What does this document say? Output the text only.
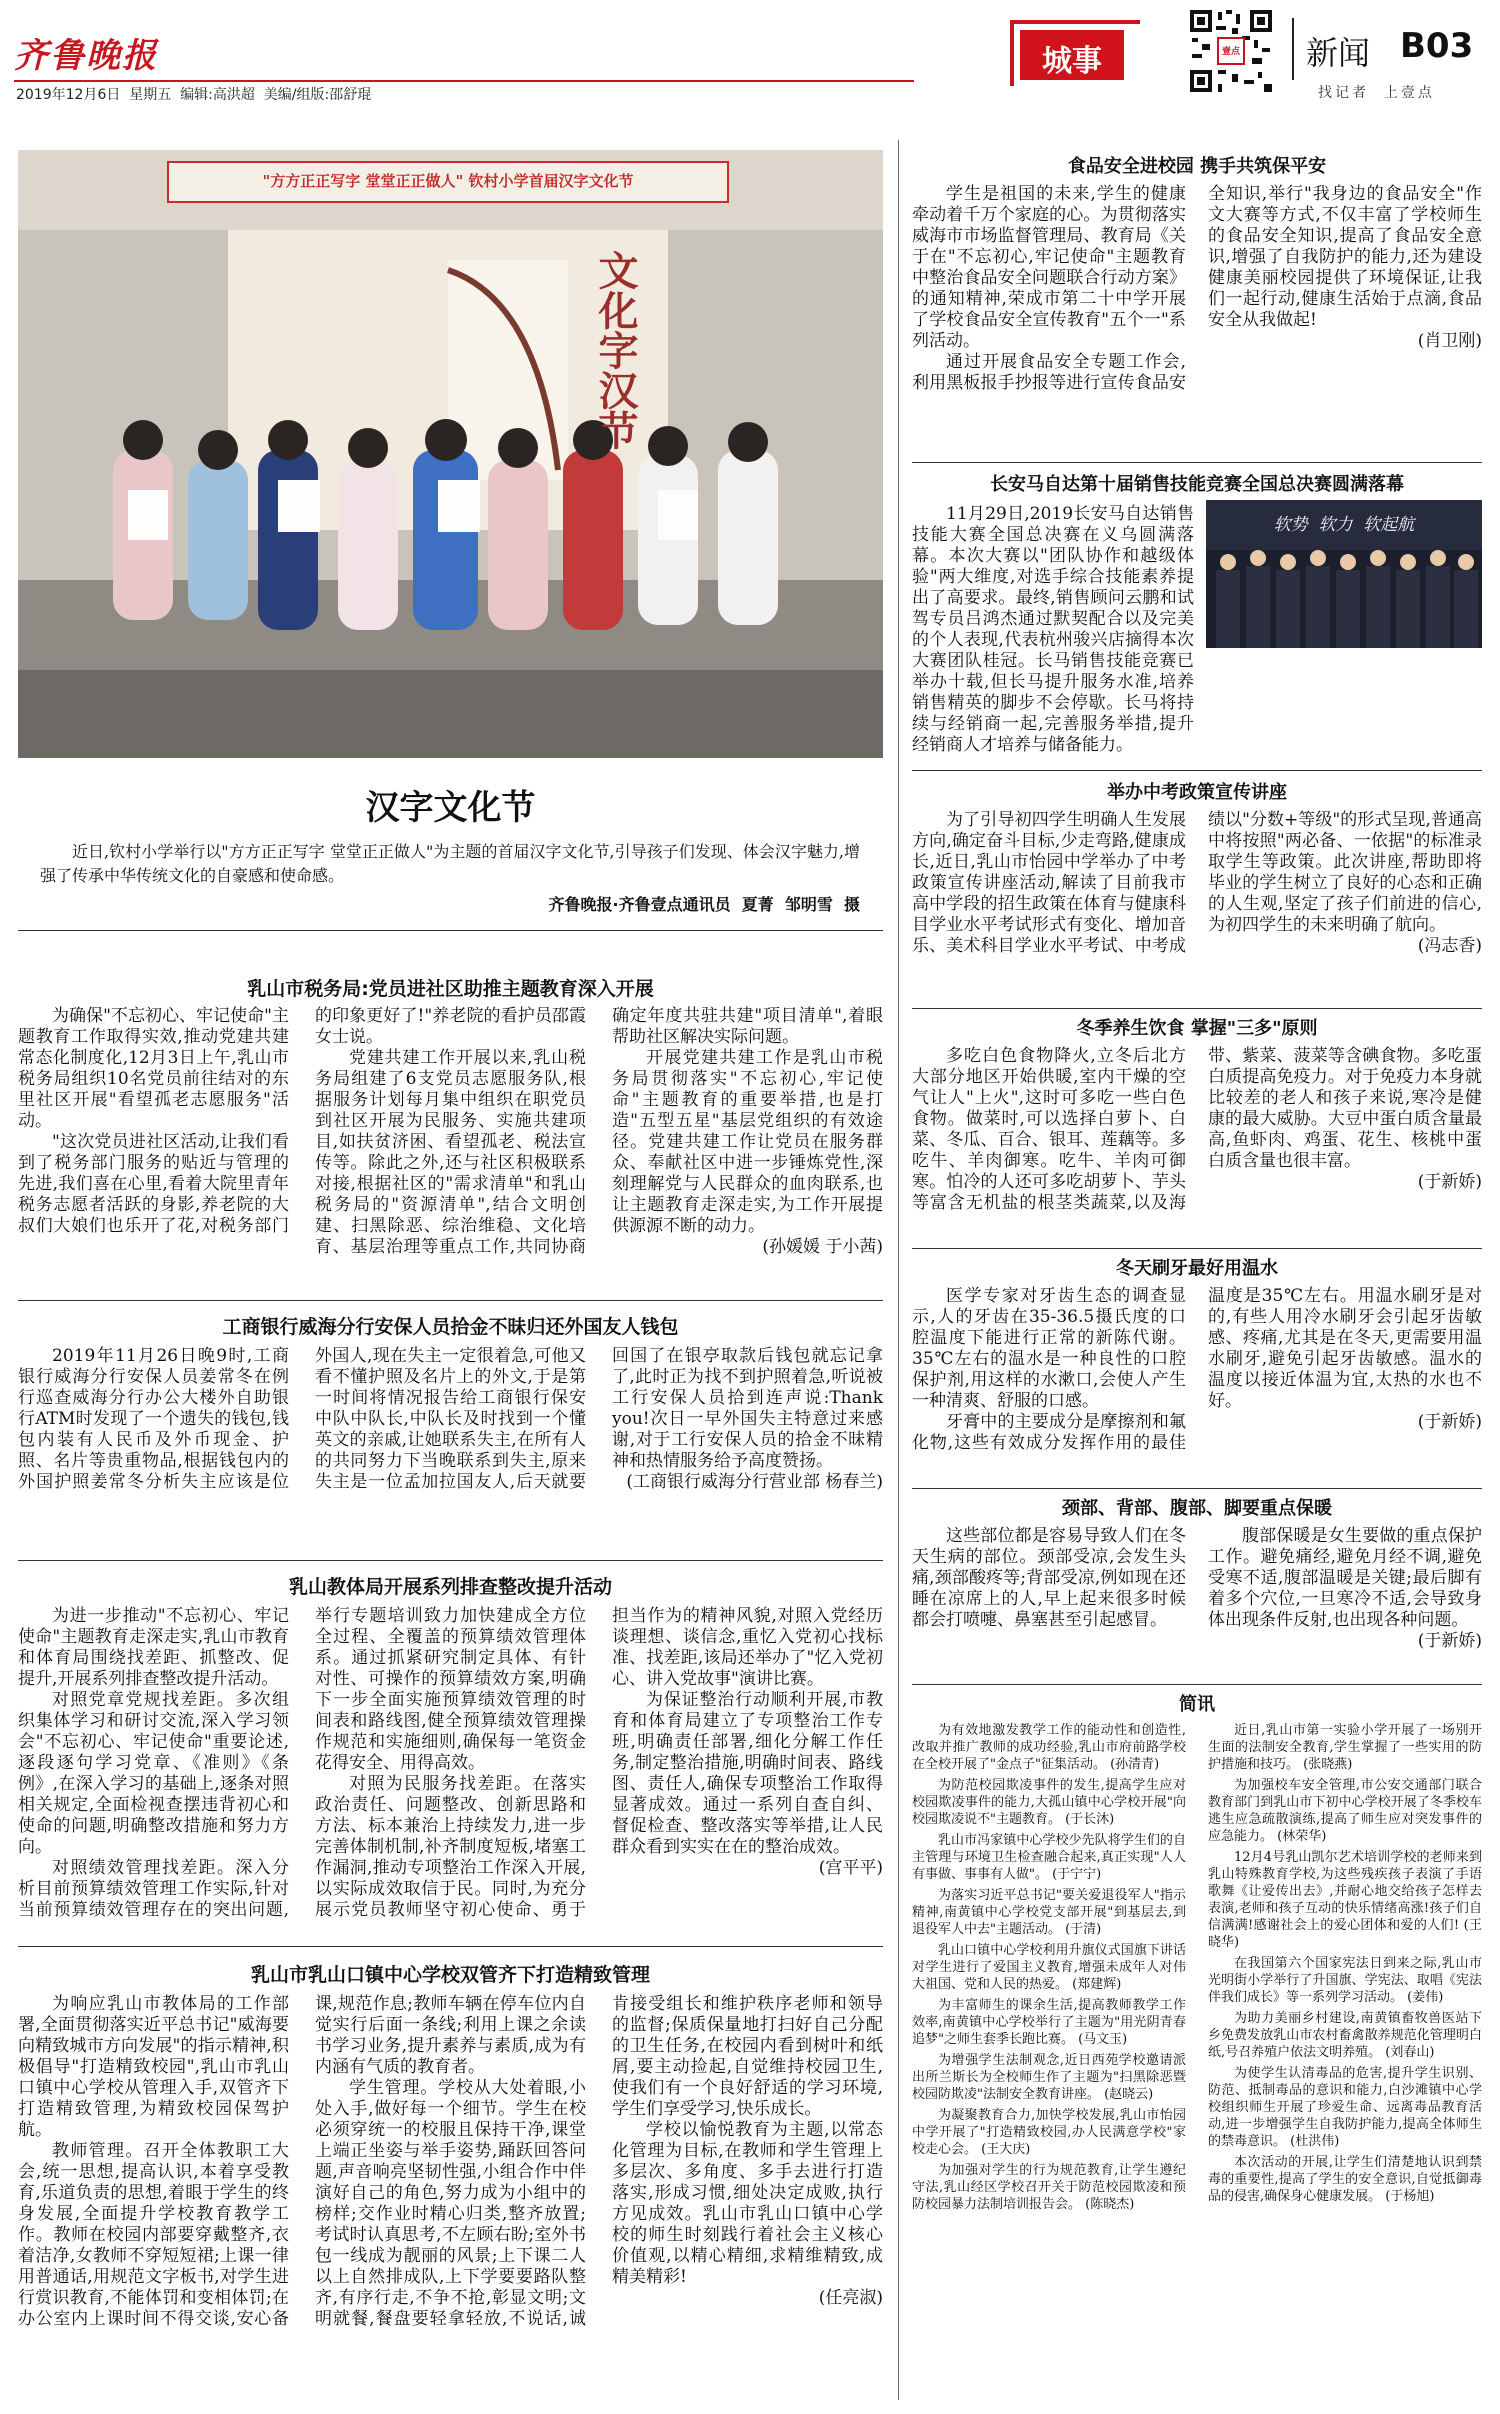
齐鲁晚报
2019年12月6日  星期五  编辑:高洪超  美编/组版:邵舒琨
城事	壹点 新闻 B03
找记者  上壹点
"方方正正写字 堂堂正正做人" 钦村小学首届汉字文化节
文化字汉节
汉字文化节

近日,钦村小学举行以"方方正正写字 堂堂正正做人"为主题的首届汉字文化节,引导孩子们发现、体会汉字魅力,增强了传承中华传统文化的自豪感和使命感。

齐鲁晚报·齐鲁壹点通讯员  夏菁  邹明雪  摄
乳山市税务局:党员进社区助推主题教育深入开展

为确保"不忘初心、牢记使命"主题教育工作取得实效,推动党建共建常态化制度化,12月3日上午,乳山市税务局组织10名党员前往结对的东里社区开展"看望孤老志愿服务"活动。

"这次党员进社区活动,让我们看到了税务部门服务的贴近与管理的先进,我们喜在心里,看着大院里青年税务志愿者活跃的身影,养老院的大叔们大娘们也乐开了花,对税务部门的印象更好了!"养老院的看护员邵霞女士说。

党建共建工作开展以来,乳山税务局组建了6支党员志愿服务队,根据服务计划每月集中组织在职党员到社区开展为民服务、实施共建项目,如扶贫济困、看望孤老、税法宣传等。除此之外,还与社区积极联系对接,根据社区的"需求清单"和乳山税务局的"资源清单",结合文明创建、扫黑除恶、综治维稳、文化培育、基层治理等重点工作,共同协商确定年度共驻共建"项目清单",着眼帮助社区解决实际问题。

开展党建共建工作是乳山市税务局贯彻落实"不忘初心,牢记使命"主题教育的重要举措,也是打造"五型五星"基层党组织的有效途径。党建共建工作让党员在服务群众、奉献社区中进一步锤炼党性,深刻理解党与人民群众的血肉联系,也让主题教育走深走实,为工作开展提供源源不断的动力。

(孙媛媛 于小茜)

工商银行威海分行安保人员拾金不昧归还外国友人钱包

2019年11月26日晚9时,工商银行威海分行安保人员姜常冬在例行巡查威海分行办公大楼外自助银行ATM时发现了一个遗失的钱包,钱包内装有人民币及外币现金、护照、名片等贵重物品,根据钱包内的外国护照姜常冬分析失主应该是位外国人,现在失主一定很着急,可他又看不懂护照及名片上的外文,于是第一时间将情况报告给工商银行保安中队中队长,中队长及时找到一个懂英文的亲戚,让她联系失主,在所有人的共同努力下当晚联系到失主,原来失主是一位孟加拉国友人,后天就要回国了在银亭取款后钱包就忘记拿了,此时正为找不到护照着急,听说被工行安保人员拾到连声说:Thank you!次日一早外国失主特意过来感谢,对于工行安保人员的拾金不昧精神和热情服务给予高度赞扬。

(工商银行威海分行营业部 杨春兰)

乳山教体局开展系列排查整改提升活动

为进一步推动"不忘初心、牢记使命"主题教育走深走实,乳山市教育和体育局围绕找差距、抓整改、促提升,开展系列排查整改提升活动。

对照党章党规找差距。多次组织集体学习和研讨交流,深入学习领会"不忘初心、牢记使命"重要论述,逐段逐句学习党章、《准则》《条例》,在深入学习的基础上,逐条对照相关规定,全面检视查摆违背初心和使命的问题,明确整改措施和努力方向。

对照绩效管理找差距。深入分析目前预算绩效管理工作实际,针对当前预算绩效管理存在的突出问题,举行专题培训致力加快建成全方位全过程、全覆盖的预算绩效管理体系。通过抓紧研究制定具体、有针对性、可操作的预算绩效方案,明确下一步全面实施预算绩效管理的时间表和路线图,健全预算绩效管理操作规范和实施细则,确保每一笔资金花得安全、用得高效。

对照为民服务找差距。在落实政治责任、问题整改、创新思路和方法、标本兼治上持续发力,进一步完善体制机制,补齐制度短板,堵塞工作漏洞,推动专项整治工作深入开展,以实际成效取信于民。同时,为充分展示党员教师坚守初心使命、勇于担当作为的精神风貌,对照入党经历谈理想、谈信念,重忆入党初心找标准、找差距,该局还举办了"忆入党初心、讲入党故事"演讲比赛。

为保证整治行动顺利开展,市教育和体育局建立了专项整治工作专班,明确责任部署,细化分解工作任务,制定整治措施,明确时间表、路线图、责任人,确保专项整治工作取得显著成效。通过一系列自查自纠、督促检查、整改落实等举措,让人民群众看到实实在在的整治成效。

(宫平平)

乳山市乳山口镇中心学校双管齐下打造精致管理

为响应乳山市教体局的工作部署,全面贯彻落实近平总书记"威海要向精致城市方向发展"的指示精神,积极倡导"打造精致校园",乳山市乳山口镇中心学校从管理入手,双管齐下打造精致管理,为精致校园保驾护航。

教师管理。召开全体教职工大会,统一思想,提高认识,本着享受教育,乐道负责的思想,着眼于学生的终身发展,全面提升学校教育教学工作。教师在校园内部要穿戴整齐,衣着洁净,女教师不穿短短裙;上课一律用普通话,用规范文字板书,对学生进行赏识教育,不能体罚和变相体罚;在办公室内上课时间不得交谈,安心备课,规范作息;教师车辆在停车位内自觉实行后面一条线;利用上课之余读书学习业务,提升素养与素质,成为有内涵有气质的教育者。

学生管理。学校从大处着眼,小处入手,做好每一个细节。学生在校必须穿统一的校服且保持干净,课堂上端正坐姿与举手姿势,踊跃回答问题,声音响亮坚韧性强,小组合作中伴演好自己的角色,努力成为小组中的榜样;交作业时精心归类,整齐放置;考试时认真思考,不左顾右盼;室外书包一线成为靓丽的风景;上下课二人以上自然排成队,上下学要要路队整齐,有序行走,不争不抢,彰显文明;文明就餐,餐盘要轻拿轻放,不说话,诚肯接受组长和维护秩序老师和领导的监督;保质保量地打扫好自己分配的卫生任务,在校园内看到树叶和纸屑,要主动捡起,自觉维持校园卫生,使我们有一个良好舒适的学习环境,学生们享受学习,快乐成长。

学校以愉悦教育为主题,以常态化管理为目标,在教师和学生管理上多层次、多角度、多手去进行打造落实,形成习惯,细处决定成败,执行方见成效。乳山市乳山口镇中心学校的师生时刻践行着社会主义核心价值观,以精心精细,求精维精致,成精美精彩!

(任亮淑)

食品安全进校园 携手共筑保平安

学生是祖国的未来,学生的健康牵动着千万个家庭的心。为贯彻落实威海市市场监督管理局、教育局《关于在"不忘初心,牢记使命"主题教育中整治食品安全问题联合行动方案》的通知精神,荣成市第二十中学开展了学校食品安全宣传教育"五个一"系列活动。

通过开展食品安全专题工作会,利用黑板报手抄报等进行宣传食品安全知识,举行"我身边的食品安全"作文大赛等方式,不仅丰富了学校师生的食品安全知识,提高了食品安全意识,增强了自我防护的能力,还为建设健康美丽校园提供了环境保证,让我们一起行动,健康生活始于点滴,食品安全从我做起!

(肖卫刚)

长安马自达第十届销售技能竞赛全国总决赛圆满落幕
软势  软力  软起航

11月29日,2019长安马自达销售技能大赛全国总决赛在义乌圆满落幕。本次大赛以"团队协作和越级体验"两大维度,对选手综合技能素养提出了高要求。最终,销售顾问云鹏和试驾专员吕鸿杰通过默契配合以及完美的个人表现,代表杭州骏兴店摘得本次大赛团队桂冠。长马销售技能竞赛已举办十载,但长马提升服务水准,培养销售精英的脚步不会停歇。长马将持续与经销商一起,完善服务举措,提升经销商人才培养与储备能力。

举办中考政策宣传讲座

为了引导初四学生明确人生发展方向,确定奋斗目标,少走弯路,健康成长,近日,乳山市怡园中学举办了中考政策宣传讲座活动,解读了目前我市高中学段的招生政策在体育与健康科目学业水平考试形式有变化、增加音乐、美术科目学业水平考试、中考成绩以"分数+等级"的形式呈现,普通高中将按照"两必备、一依据"的标准录取学生等政策。此次讲座,帮助即将毕业的学生树立了良好的心态和正确的人生观,坚定了孩子们前进的信心,为初四学生的未来明确了航向。

(冯志香)

冬季养生饮食 掌握"三多"原则

多吃白色食物降火,立冬后北方大部分地区开始供暖,室内干燥的空气让人"上火",这时可多吃一些白色食物。做菜时,可以选择白萝卜、白菜、冬瓜、百合、银耳、莲藕等。多吃牛、羊肉御寒。吃牛、羊肉可御寒。怕冷的人还可多吃胡萝卜、芋头等富含无机盐的根茎类蔬菜,以及海带、紫菜、菠菜等含碘食物。多吃蛋白质提高免疫力。对于免疫力本身就比较差的老人和孩子来说,寒冷是健康的最大威胁。大豆中蛋白质含量最高,鱼虾肉、鸡蛋、花生、核桃中蛋白质含量也很丰富。

(于新娇)

冬天刷牙最好用温水

医学专家对牙齿生态的调查显示,人的牙齿在35-36.5摄氏度的口腔温度下能进行正常的新陈代谢。35℃左右的温水是一种良性的口腔保护剂,用这样的水漱口,会使人产生一种清爽、舒服的口感。

牙膏中的主要成分是摩擦剂和氟化物,这些有效成分发挥作用的最佳温度是35℃左右。用温水刷牙是对的,有些人用冷水刷牙会引起牙齿敏感、疼痛,尤其是在冬天,更需要用温水刷牙,避免引起牙齿敏感。温水的温度以接近体温为宜,太热的水也不好。

(于新娇)

颈部、背部、腹部、脚要重点保暖

这些部位都是容易导致人们在冬天生病的部位。颈部受凉,会发生头痛,颈部酸疼等;背部受凉,例如现在还睡在凉席上的人,早上起来很多时候都会打喷嚏、鼻塞甚至引起感冒。

腹部保暖是女生要做的重点保护工作。避免痛经,避免月经不调,避免受寒不适,腹部温暖是关键;最后脚有着多个穴位,一旦寒冷不适,会导致身体出现条件反射,也出现各种问题。

(于新娇)

简讯

为有效地激发教学工作的能动性和创造性,改取并推广教师的成功经验,乳山市府前路学校在全校开展了"金点子"征集活动。 (孙清青)

为防范校园欺凌事件的发生,提高学生应对校园欺凌事件的能力,大孤山镇中心学校开展"向校园欺凌说不"主题教育。 (于长沐)

乳山市冯家镇中心学校少先队将学生们的自主管理与环境卫生检查融合起来,真正实现"人人有事做、事事有人做"。 (于宁宁)

为落实习近平总书记"要关爱退役军人"指示精神,南黄镇中心学校党支部开展"到基层去,到退役军人中去"主题活动。 (于清)

乳山口镇中心学校利用升旗仪式国旗下讲话对学生进行了爱国主义教育,增强未成年人对伟大祖国、党和人民的热爱。 (郑建辉)

为丰富师生的课余生活,提高教师教学工作效率,南黄镇中心学校举行了主题为"用光阴青春追梦"之师生套季长跑比赛。 (马文玉)

为增强学生法制观念,近日西苑学校邀请派出所兰斯长为全校师生作了主题为"扫黑除恶暨校园防欺凌"法制安全教育讲座。 (赵晓云)

为凝聚教育合力,加快学校发展,乳山市怡园中学开展了"打造精致校园,办人民满意学校"家校走心会。 (王大庆)

为加强对学生的行为规范教育,让学生遵纪守法,乳山经区学校召开关于防范校园欺凌和预防校园暴力法制培训报告会。 (陈晓杰)

近日,乳山市第一实验小学开展了一场别开生面的法制安全教育,学生掌握了一些实用的防护措施和技巧。 (张晓燕)

为加强校车安全管理,市公安交通部门联合教育部门到乳山市下初中心学校开展了冬季校车逃生应急疏散演练,提高了师生应对突发事件的应急能力。 (林荣华)

12月4号乳山凯尔艺术培训学校的老师来到乳山特殊教育学校,为这些残疾孩子表演了手语歌舞《让爱传出去》,并耐心地交给孩子怎样去表演,老师和孩子互动的快乐情绪高涨!孩子们自信满满!感谢社会上的爱心团体和爱的人们! (王晓华)

在我国第六个国家宪法日到来之际,乳山市光明街小学举行了升国旗、学宪法、取唱《宪法伴我们成长》等一系列学习活动。 (姜伟)

为助力美丽乡村建设,南黄镇畜牧兽医站下乡免费发放乳山市农村畜禽散养规范化管理明白纸,号召养殖户依法文明养殖。 (刘春山)

为使学生认清毒品的危害,提升学生识别、防范、抵制毒品的意识和能力,白沙滩镇中心学校组织师生开展了珍爱生命、远离毒品教育活动,进一步增强学生自我防护能力,提高全体师生的禁毒意识。 (杜洪伟)

本次活动的开展,让学生们清楚地认识到禁毒的重要性,提高了学生的安全意识,自觉抵御毒品的侵害,确保身心健康发展。 (于杨旭)
